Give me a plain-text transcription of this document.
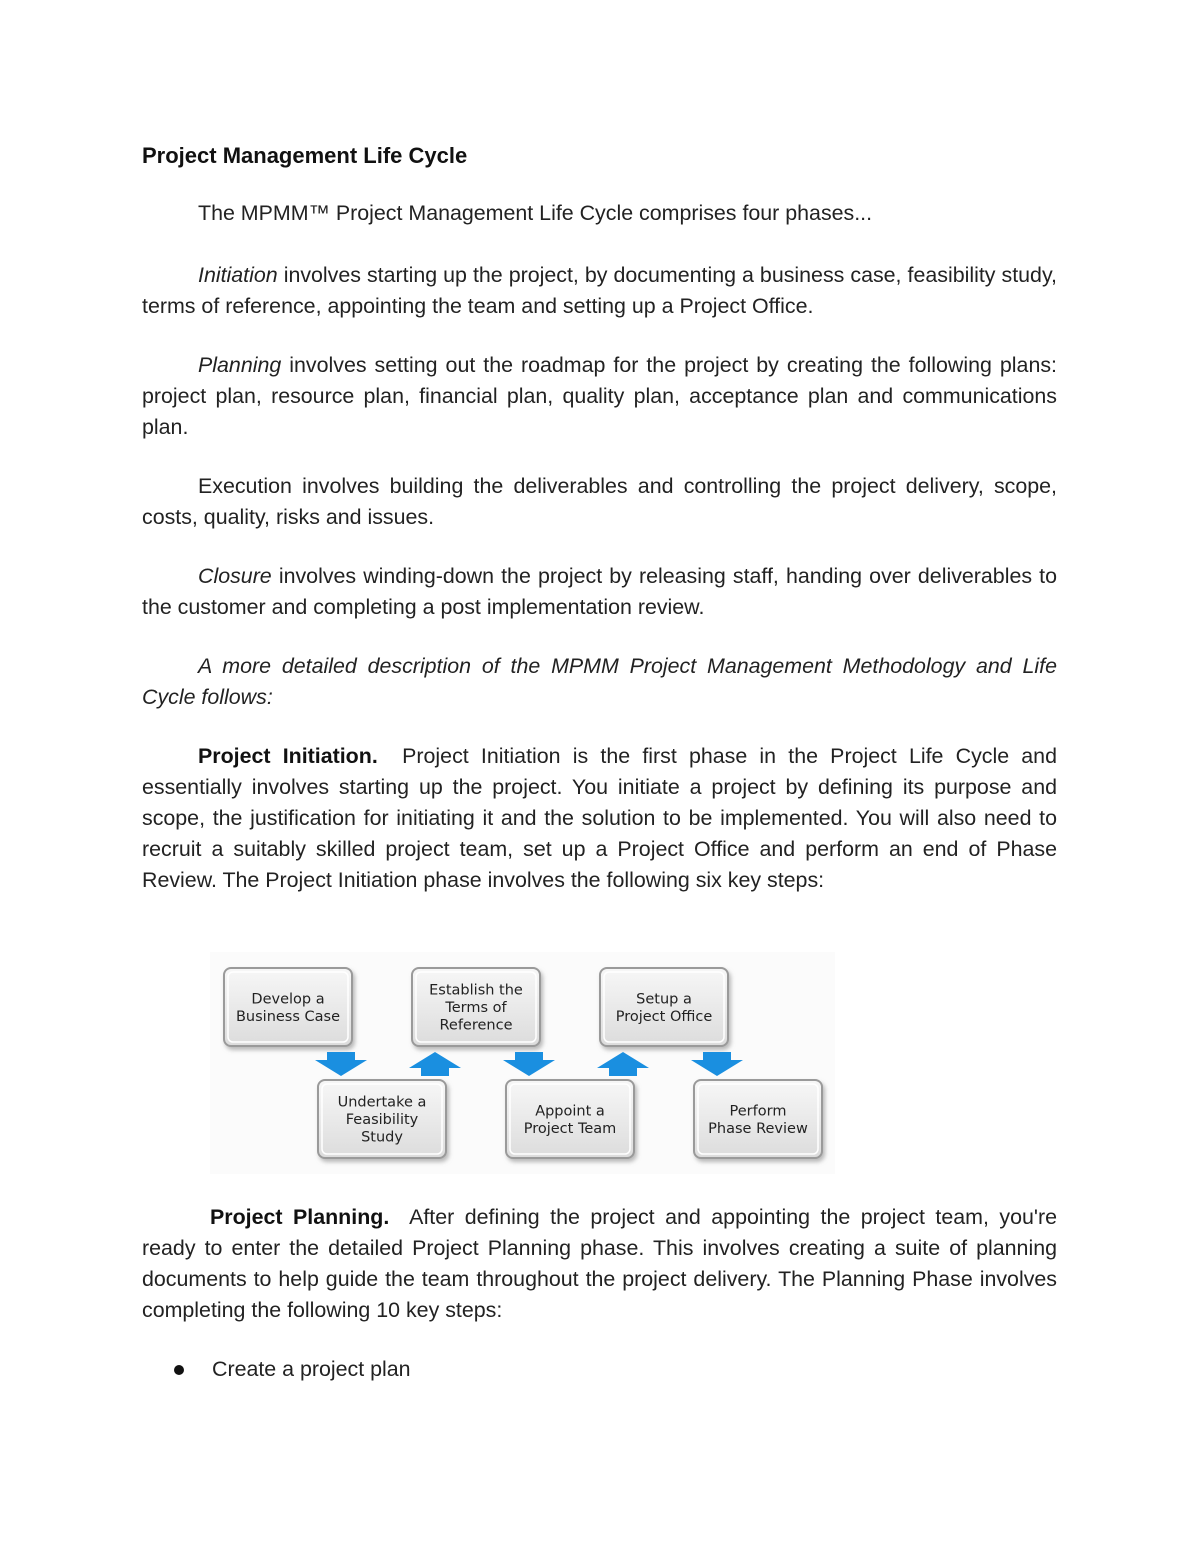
Project Management Life Cycle

The MPMM™ Project Management Life Cycle comprises four phases...

Initiation involves starting up the project, by documenting a business case, feasibility study, terms of reference, appointing the team and setting up a Project Office.

Planning involves setting out the roadmap for the project by creating the following plans: project plan, resource plan, financial plan, quality plan, acceptance plan and communications plan.

Execution involves building the deliverables and controlling the project delivery, scope, costs, quality, risks and issues.

Closure involves winding-down the project by releasing staff, handing over deliverables to the customer and completing a post implementation review.

A more detailed description of the MPMM Project Management Methodology and Life Cycle follows:

Project Initiation.  Project Initiation is the first phase in the Project Life Cycle and essentially involves starting up the project. You initiate a project by defining its purpose and scope, the justification for initiating it and the solution to be implemented. You will also need to recruit a suitably skilled project team, set up a Project Office and perform an end of Phase Review. The Project Initiation phase involves the following six key steps:

Develop a
Business Case
Undertake a
Feasibility
Study
Establish the
Terms of
Reference
Appoint a
Project Team
Setup a
Project Office
Perform
Phase Review

Project Planning.  After defining the project and appointing the project team, you're ready to enter the detailed Project Planning phase. This involves creating a suite of planning documents to help guide the team throughout the project delivery. The Planning Phase involves completing the following 10 key steps:

Create a project plan
